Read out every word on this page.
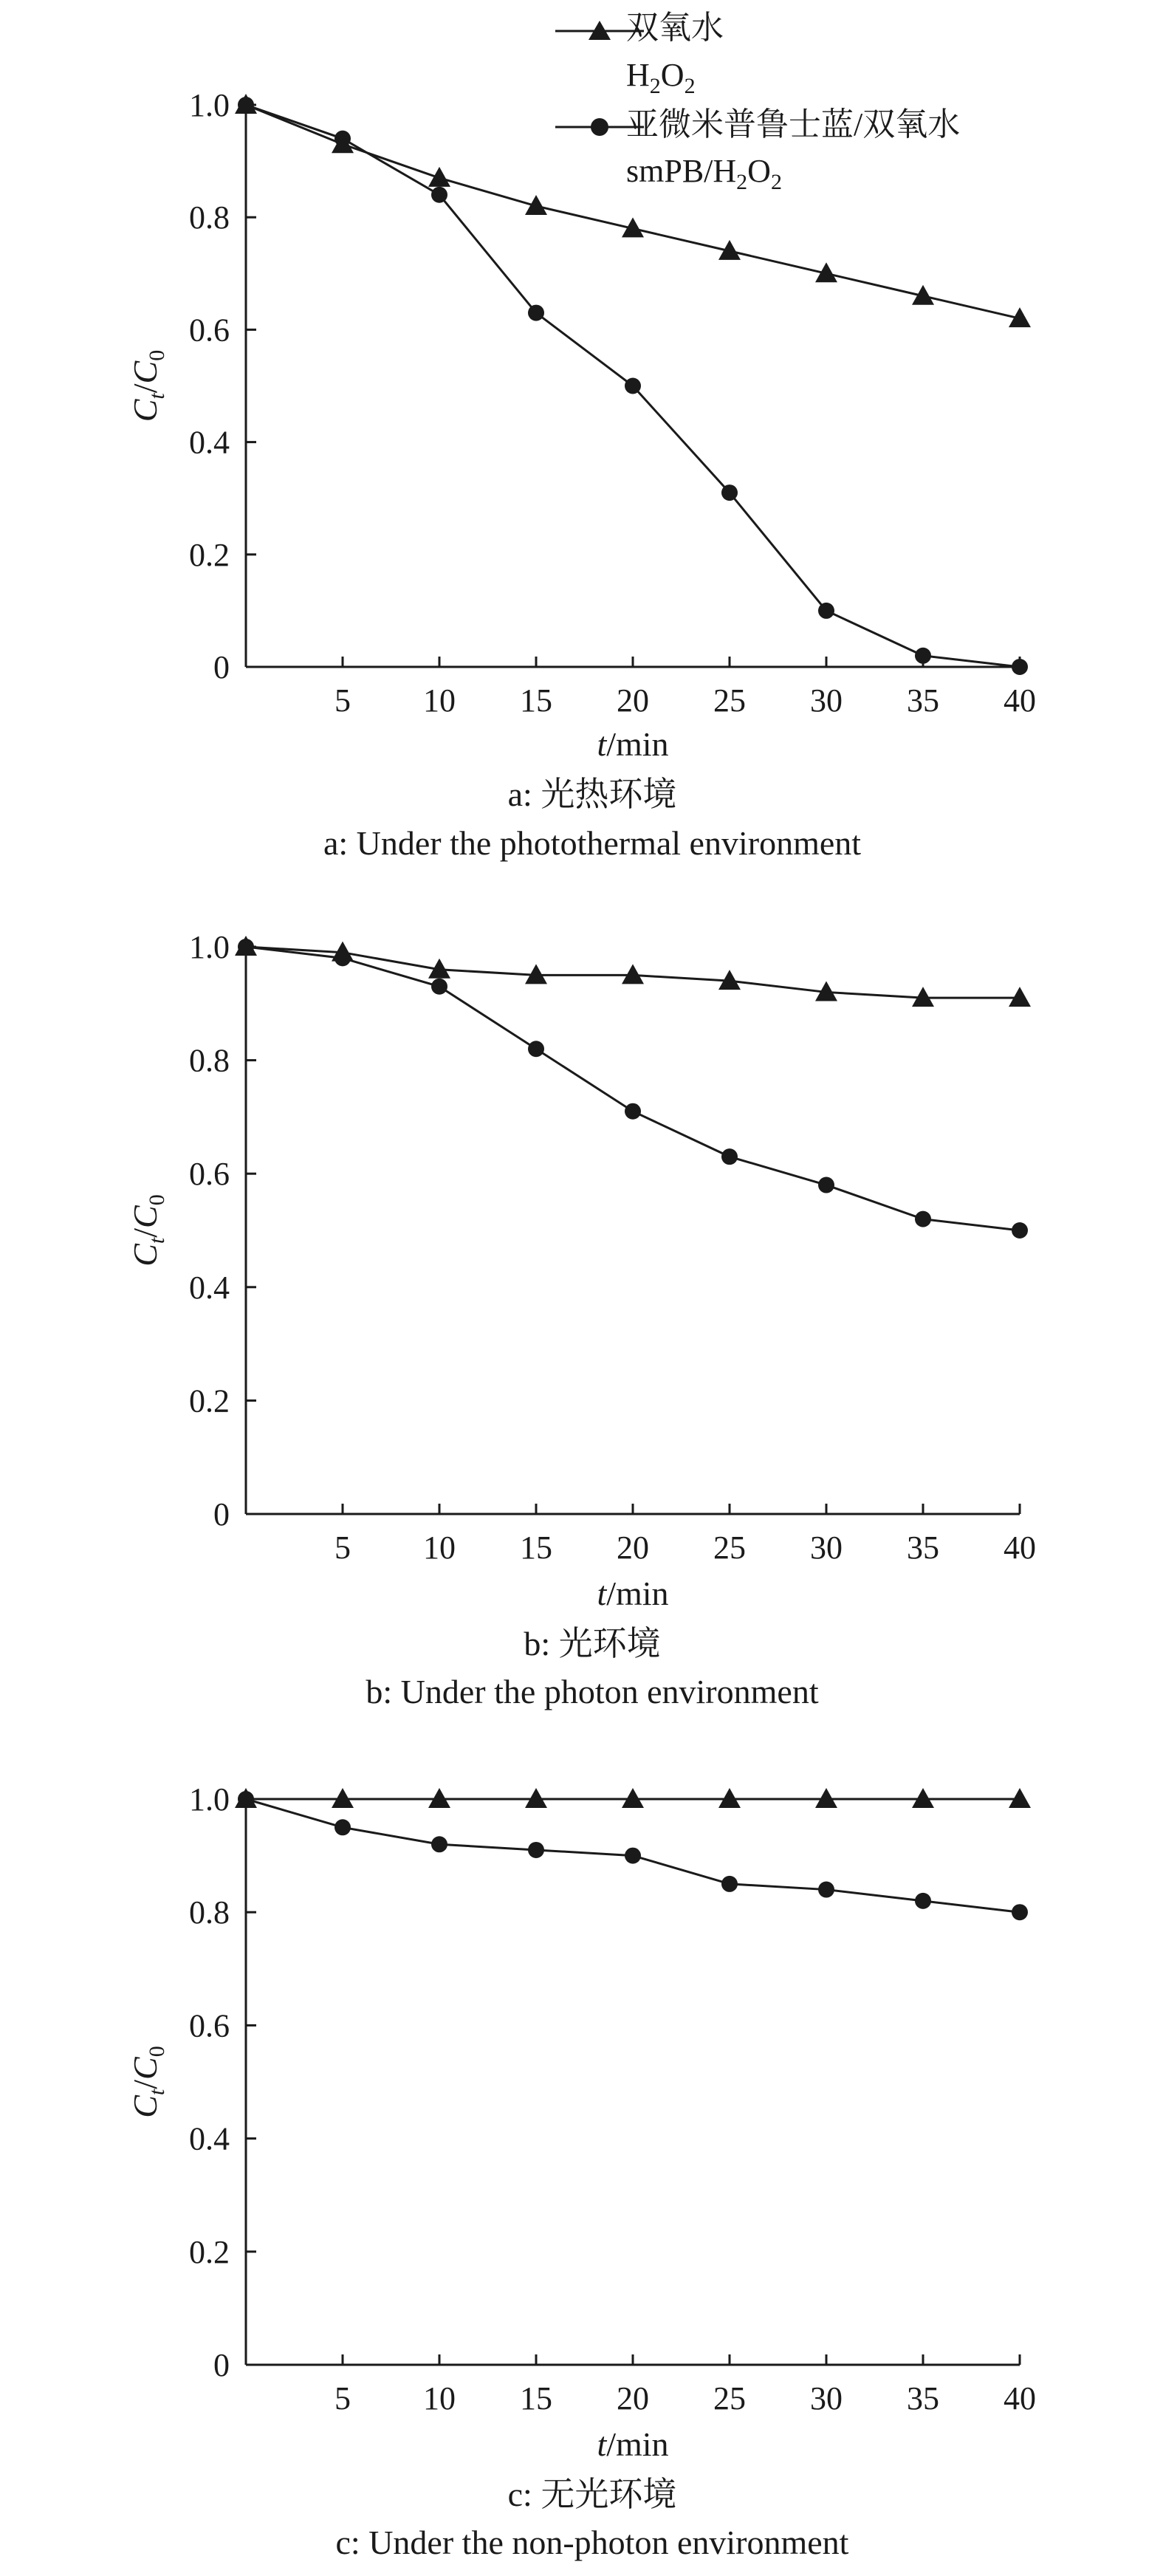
双氧水
$H_2O_2$
亚微米普鲁士蓝/双氧水
smPB/$H_2O_2$
0
0.2
0.4
0.6
0.8
1.0
5 10 15 20 25 30 35 40
$C_t/C_0$
t/min
a: 光热环境
a: Under the photothermal environment
0
0.2
0.4
0.6
0.8
1.0
5 10 15 20 25 30 35 40
$C_t/C_0$
t/min
b: 光环境
b: Under the photon environment
0
0.2
0.4
0.6
0.8
1.0
5 10 15 20 25 30 35 40
$C_t/C_0$
t/min
c: 无光环境
c: Under the non-photon environment
